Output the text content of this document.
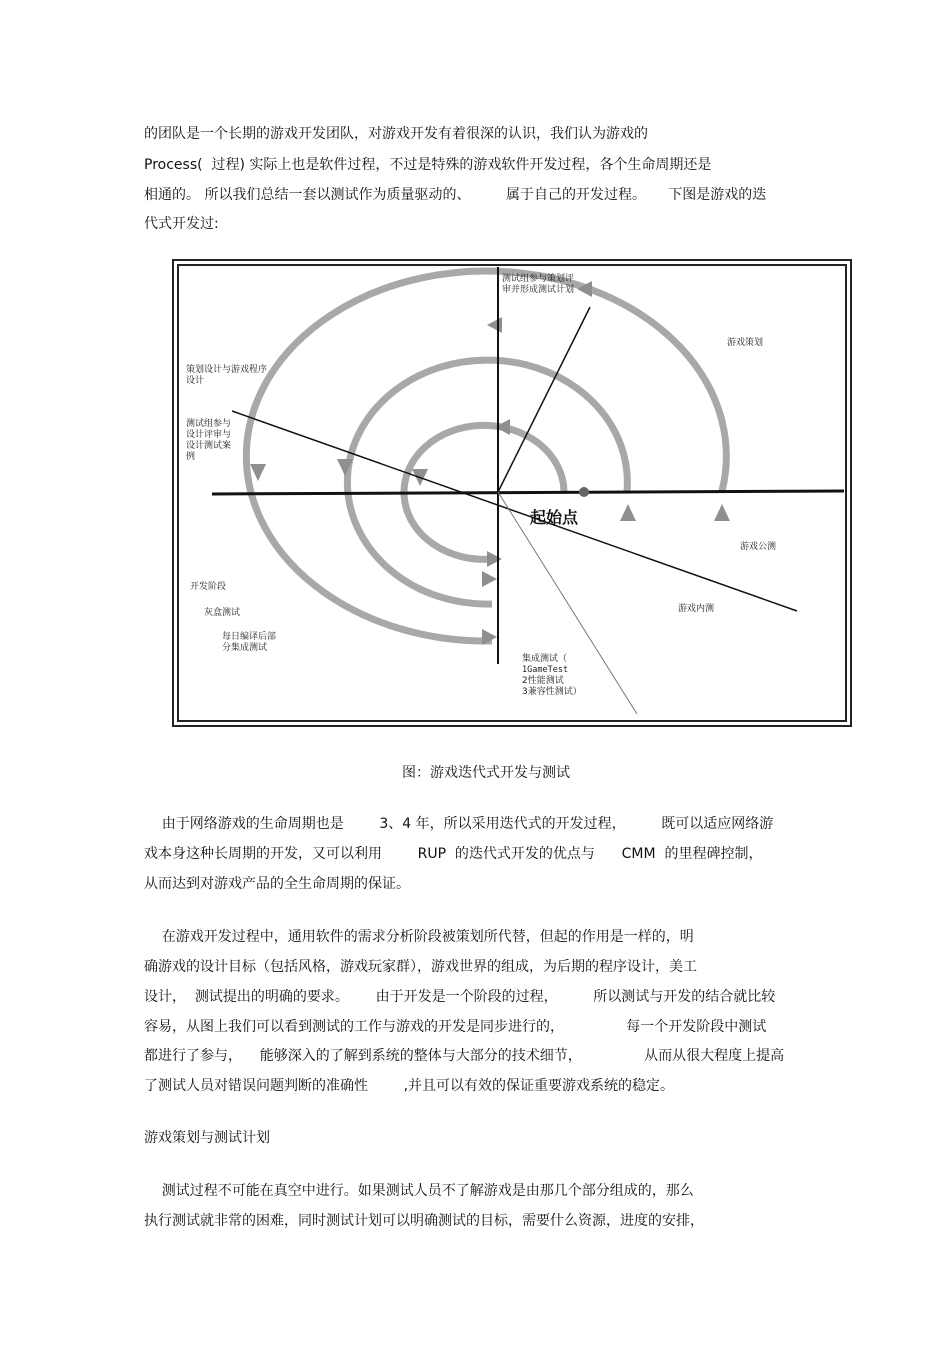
的团队是一个长期的游戏开发团队，对游戏开发有着很深的认识，我们认为游戏的
Process(  过程) 实际上也是软件过程，不过是特殊的游戏软件开发过程，各个生命周期还是
相通的。 所以我们总结一套以测试作为质量驱动的、        属于自己的开发过程。     下图是游戏的迭
代式开发过:
测试组参与策划评
审并形成测试计划
游戏策划
策划设计与游戏程序
设计
测试组参与
设计评审与
设计测试案
例
起始点
游戏公测
游戏内测
开发阶段
灰盒测试
每日编译后部
分集成测试
集成测试（
1GameTest
2性能测试
3兼容性测试）
图：游戏迭代式开发与测试
由于网络游戏的生命周期也是        3、4 年，所以采用迭代式的开发过程，        既可以适应网络游
戏本身这种长周期的开发，又可以利用        RUP  的迭代式开发的优点与      CMM  的里程碑控制，
从而达到对游戏产品的全生命周期的保证。
在游戏开发过程中，通用软件的需求分析阶段被策划所代替，但起的作用是一样的，明
确游戏的设计目标（包括风格，游戏玩家群），游戏世界的组成，为后期的程序设计，美工
设计，  测试提出的明确的要求。      由于开发是一个阶段的过程，        所以测试与开发的结合就比较
容易，从图上我们可以看到测试的工作与游戏的开发是同步进行的，              每一个开发阶段中测试
都进行了参与，    能够深入的了解到系统的整体与大部分的技术细节，              从而从很大程度上提高
了测试人员对错误问题判断的准确性        ,并且可以有效的保证重要游戏系统的稳定。
游戏策划与测试计划
测试过程不可能在真空中进行。如果测试人员不了解游戏是由那几个部分组成的，那么
执行测试就非常的困难，同时测试计划可以明确测试的目标，需要什么资源，进度的安排，
